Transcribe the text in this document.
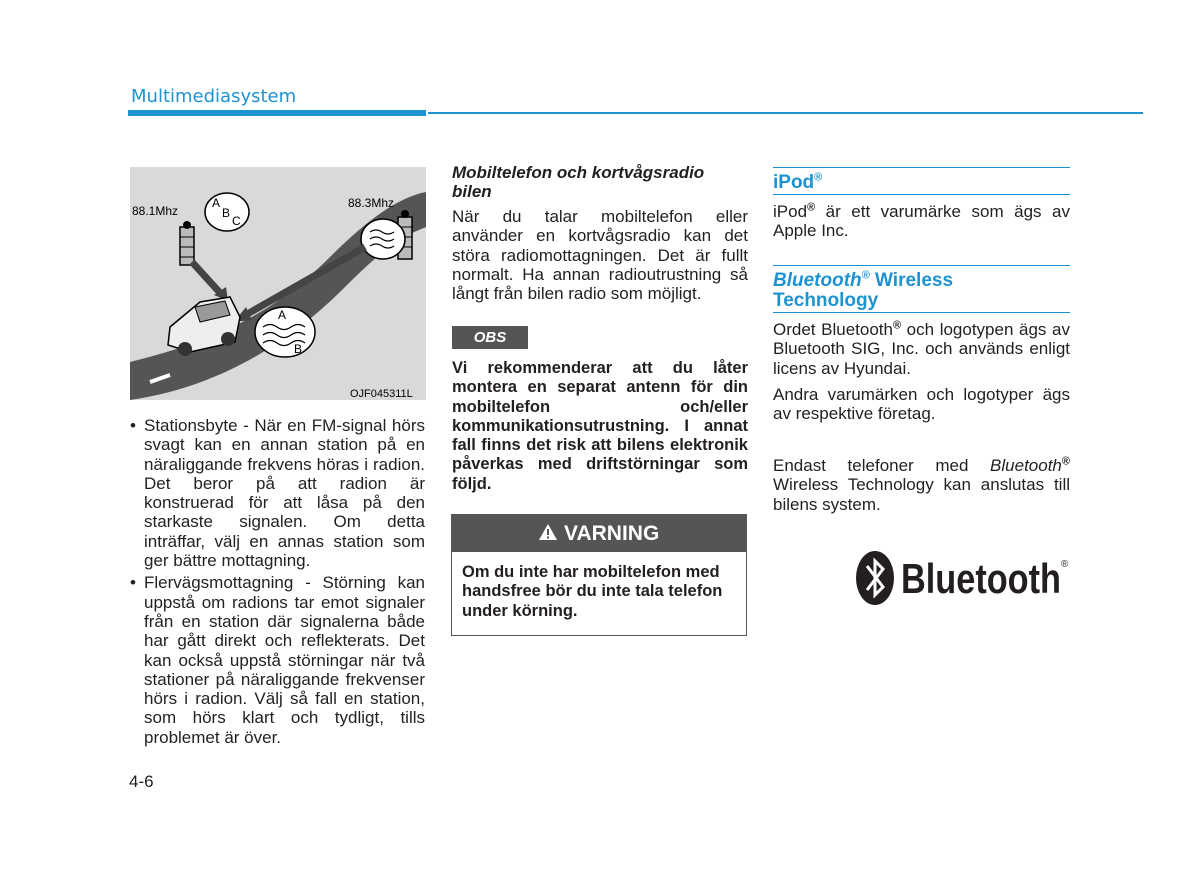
Multimediasystem
A
B
C
88.1Mhz
88.3Mhz
A
B
OJF045311L
• Stationsbyte - När en FM-signal hörs svagt kan en annan station på en näraliggande frekvens höras i radion. Det beror på att radion är konstruerad för att låsa på den starkaste signalen. Om detta inträffar, välj en annas station som ger bättre mottagning.
• Flervägsmottagning - Störning kan uppstå om radions tar emot signaler från en station där signalerna både har gått direkt och reflekterats. Det kan också uppstå störningar när två stationer på näraliggande frekvenser hörs i radion. Välj så fall en station, som hörs klart och tydligt, tills problemet är över.
4-6
Mobiltelefon och kortvågsradio bilen
När du talar mobiltelefon eller använder en kortvågsradio kan det störa radiomottagningen. Det är fullt normalt. Ha annan radioutrustning så långt från bilen radio som möjligt.
OBS
Vi rekommenderar att du låter montera en separat antenn för din mobiltelefon och/eller kommunikationsutrustning. I annat fall finns det risk att bilens elektronik påverkas med driftstörningar som följd.
VARNING
Om du inte har mobiltelefon med handsfree bör du inte tala telefon under körning.
iPod®
iPod® är ett varumärke som ägs av Apple Inc.
Bluetooth® Wireless
Technology
Ordet Bluetooth® och logotypen ägs av Bluetooth SIG, Inc. och används enligt licens av Hyundai.
Andra varumärken och logotyper ägs av respektive företag.
Endast telefoner med Bluetooth® Wireless Technology kan anslutas till bilens system.
Bluetooth ®
